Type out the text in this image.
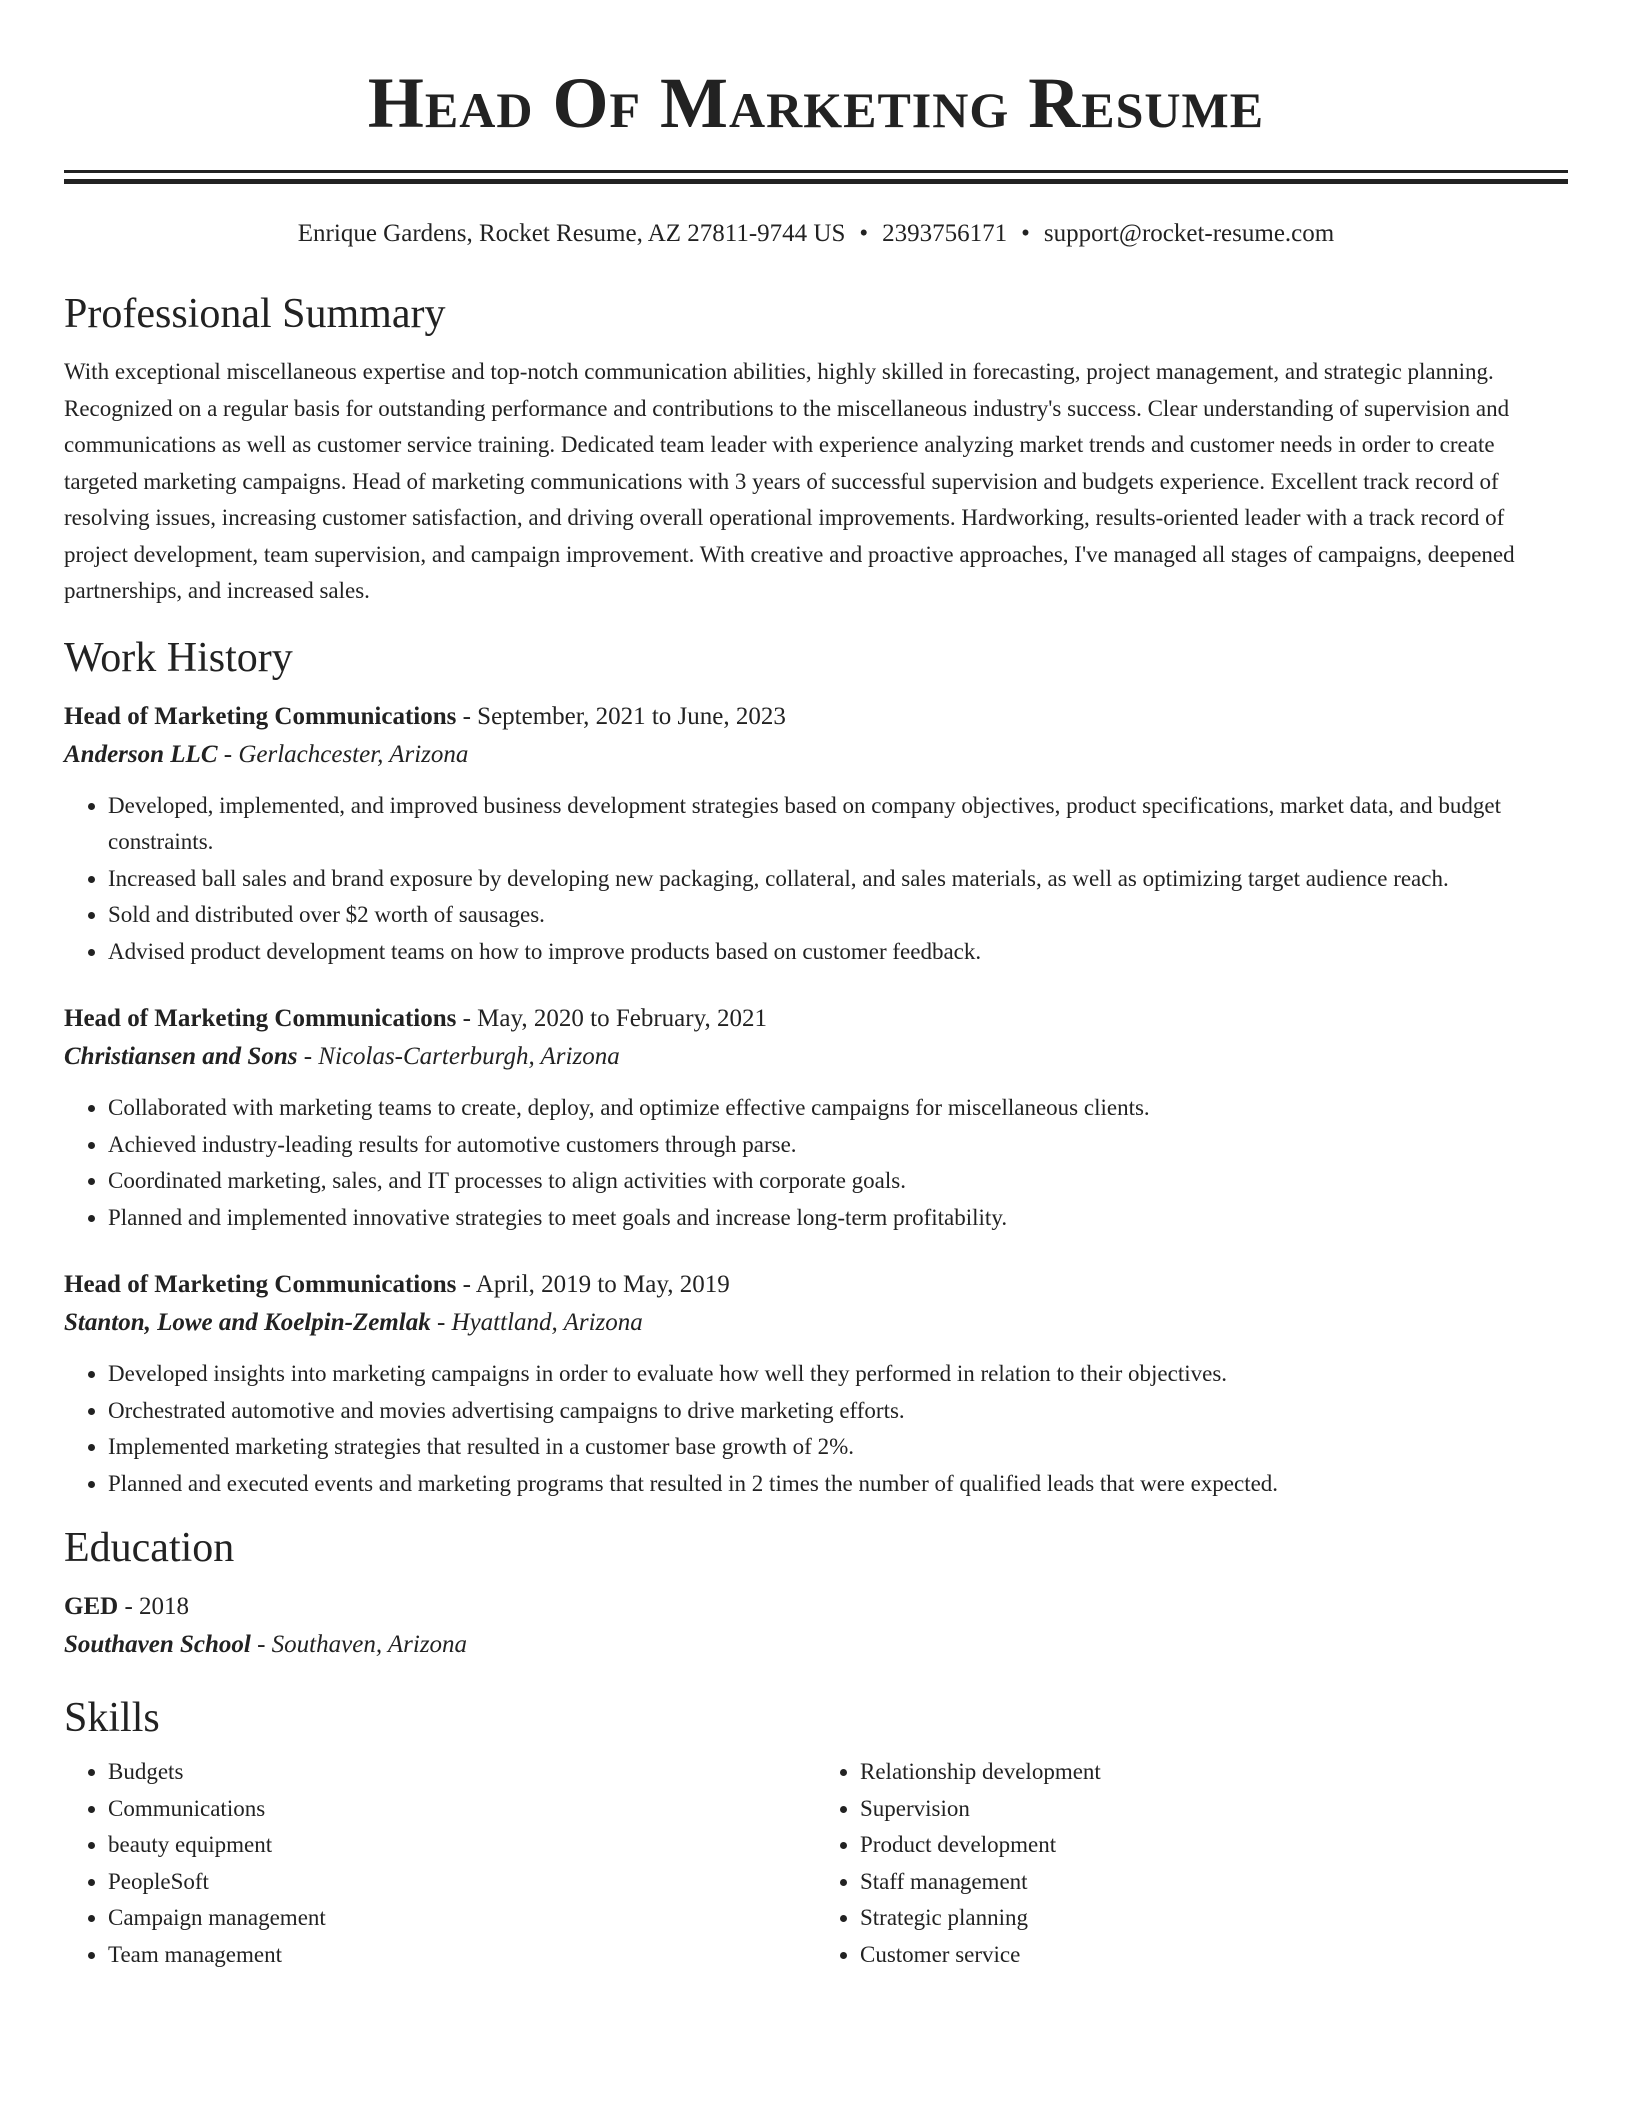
Head Of Marketing Resume
Enrique Gardens, Rocket Resume, AZ 27811-9744 US • 2393756171 • support@rocket-resume.com
Professional Summary

With exceptional miscellaneous expertise and top-notch communication abilities, highly skilled in forecasting, project management, and strategic planning. Recognized on a regular basis for outstanding performance and contributions to the miscellaneous industry's success. Clear understanding of supervision and communications as well as customer service training. Dedicated team leader with experience analyzing market trends and customer needs in order to create targeted marketing campaigns. Head of marketing communications with 3 years of successful supervision and budgets experience. Excellent track record of resolving issues, increasing customer satisfaction, and driving overall operational improvements. Hardworking, results-oriented leader with a track record of project development, team supervision, and campaign improvement. With creative and proactive approaches, I've managed all stages of campaigns, deepened partnerships, and increased sales.

Work History
Head of Marketing Communications - September, 2021 to June, 2023
Anderson LLC - Gerlachcester, Arizona
• Developed, implemented, and improved business development strategies based on company objectives, product specifications, market data, and budget constraints.
• Increased ball sales and brand exposure by developing new packaging, collateral, and sales materials, as well as optimizing target audience reach.
• Sold and distributed over $2 worth of sausages.
• Advised product development teams on how to improve products based on customer feedback.
Head of Marketing Communications - May, 2020 to February, 2021
Christiansen and Sons - Nicolas-Carterburgh, Arizona
• Collaborated with marketing teams to create, deploy, and optimize effective campaigns for miscellaneous clients.
• Achieved industry-leading results for automotive customers through parse.
• Coordinated marketing, sales, and IT processes to align activities with corporate goals.
• Planned and implemented innovative strategies to meet goals and increase long-term profitability.
Head of Marketing Communications - April, 2019 to May, 2019
Stanton, Lowe and Koelpin-Zemlak - Hyattland, Arizona
• Developed insights into marketing campaigns in order to evaluate how well they performed in relation to their objectives.
• Orchestrated automotive and movies advertising campaigns to drive marketing efforts.
• Implemented marketing strategies that resulted in a customer base growth of 2%.
• Planned and executed events and marketing programs that resulted in 2 times the number of qualified leads that were expected.
Education
GED - 2018
Southaven School - Southaven, Arizona
Skills
• Budgets
• Communications
• beauty equipment
• PeopleSoft
• Campaign management
• Team management
• Relationship development
• Supervision
• Product development
• Staff management
• Strategic planning
• Customer service
